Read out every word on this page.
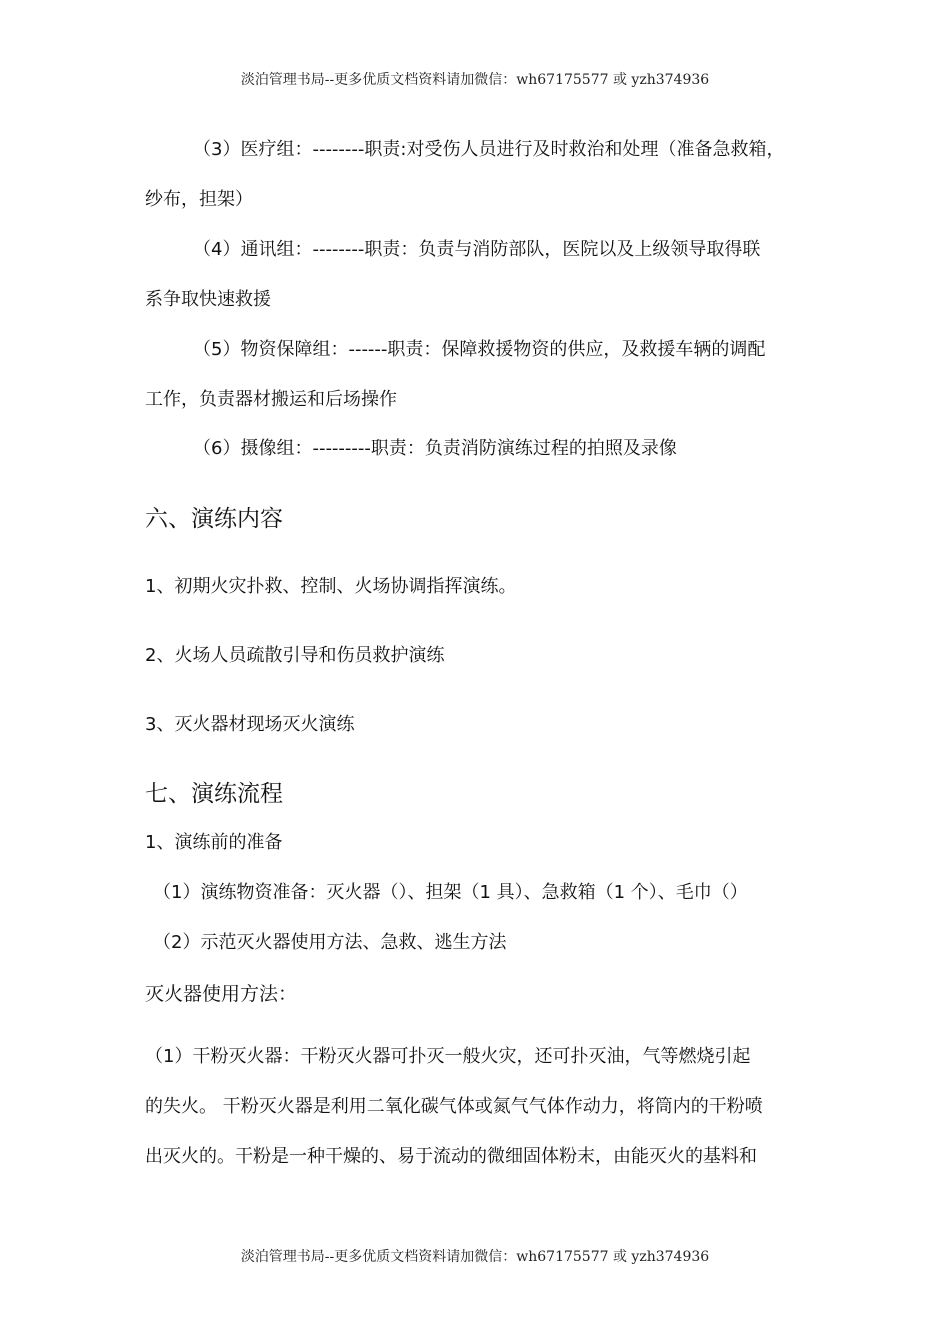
淡泊管理书局--更多优质文档资料请加微信：wh67175577 或 yzh374936
（3）医疗组：--------职责:对受伤人员进行及时救治和处理（准备急救箱，
纱布，担架）
（4）通讯组：--------职责：负责与消防部队，医院以及上级领导取得联
系争取快速救援
（5）物资保障组：------职责：保障救援物资的供应，及救援车辆的调配
工作，负责器材搬运和后场操作
（6）摄像组：---------职责：负责消防演练过程的拍照及录像
六、演练内容
1、初期火灾扑救、控制、火场协调指挥演练。
2、火场人员疏散引导和伤员救护演练
3、灭火器材现场灭火演练
七、演练流程
1、演练前的准备
（1）演练物资准备：灭火器（）、担架（1 具）、急救箱（1 个）、毛巾（）
（2）示范灭火器使用方法、急救、逃生方法
灭火器使用方法：
（1）干粉灭火器：干粉灭火器可扑灭一般火灾，还可扑灭油，气等燃烧引起
的失火。 干粉灭火器是利用二氧化碳气体或氮气气体作动力，将筒内的干粉喷
出灭火的。干粉是一种干燥的、易于流动的微细固体粉末，由能灭火的基料和
淡泊管理书局--更多优质文档资料请加微信：wh67175577 或 yzh374936
